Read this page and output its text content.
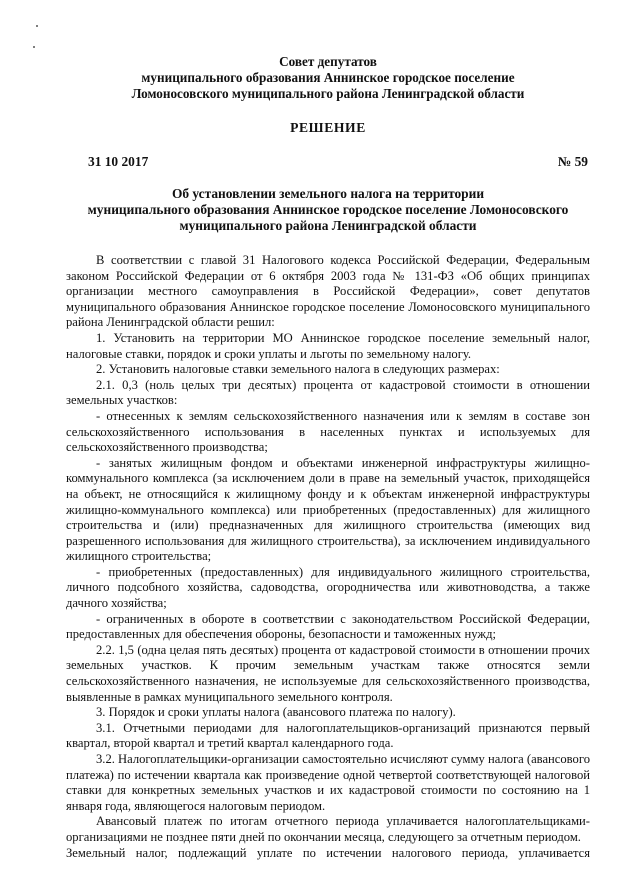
Совет депутатов
муниципального образования Аннинское городское поселение
Ломоносовского муниципального района Ленинградской области
РЕШЕНИЕ
31 10 2017	№ 59
Об установлении земельного налога на территории
муниципального образования Аннинское городское поселение Ломоносовского
муниципального района Ленинградской области

В соответствии с главой 31 Налогового кодекса Российской Федерации, Федеральным законом Российской Федерации от 6 октября 2003 года № 131-ФЗ «Об общих принципах организации местного самоуправления в Российской Федерации», совет депутатов муниципального образования Аннинское городское поселение Ломоносовского муниципального района Ленинградской области решил:

1. Установить на территории МО Аннинское городское поселение земельный налог, налоговые ставки, порядок и сроки уплаты и льготы по земельному налогу.

2. Установить налоговые ставки земельного налога в следующих размерах:

2.1. 0,3 (ноль целых три десятых) процента от кадастровой стоимости в отношении земельных участков:

- отнесенных к землям сельскохозяйственного назначения или к землям в составе зон сельскохозяйственного использования в населенных пунктах и используемых для сельскохозяйственного производства;

- занятых жилищным фондом и объектами инженерной инфраструктуры жилищно-коммунального комплекса (за исключением доли в праве на земельный участок, приходящейся на объект, не относящийся к жилищному фонду и к объектам инженерной инфраструктуры жилищно-коммунального комплекса) или приобретенных (предоставленных) для жилищного строительства и (или) предназначенных для жилищного строительства (имеющих вид разрешенного использования для жилищного строительства), за исключением индивидуального жилищного строительства;

- приобретенных (предоставленных) для индивидуального жилищного строительства, личного подсобного хозяйства, садоводства, огородничества или животноводства, а также дачного хозяйства;

- ограниченных в обороте в соответствии с законодательством Российской Федерации, предоставленных для обеспечения обороны, безопасности и таможенных нужд;

2.2. 1,5 (одна целая пять десятых) процента от кадастровой стоимости в отношении прочих земельных участков. К прочим земельным участкам также относятся земли сельскохозяйственного назначения, не используемые для сельскохозяйственного производства, выявленные в рамках муниципального земельного контроля.

3. Порядок и сроки уплаты налога (авансового платежа по налогу).

3.1. Отчетными периодами для налогоплательщиков-организаций признаются первый квартал, второй квартал и третий квартал календарного года.

3.2. Налогоплательщики-организации самостоятельно исчисляют сумму налога (авансового платежа) по истечении квартала как произведение одной четвертой соответствующей налоговой ставки для конкретных земельных участков и их кадастровой стоимости по состоянию на 1 января года, являющегося налоговым периодом.

Авансовый платеж по итогам отчетного периода уплачивается налогоплательщиками-организациями не позднее пяти дней по окончании месяца, следующего за отчетным периодом.

Земельный налог, подлежащий уплате по истечении налогового периода, уплачивается
